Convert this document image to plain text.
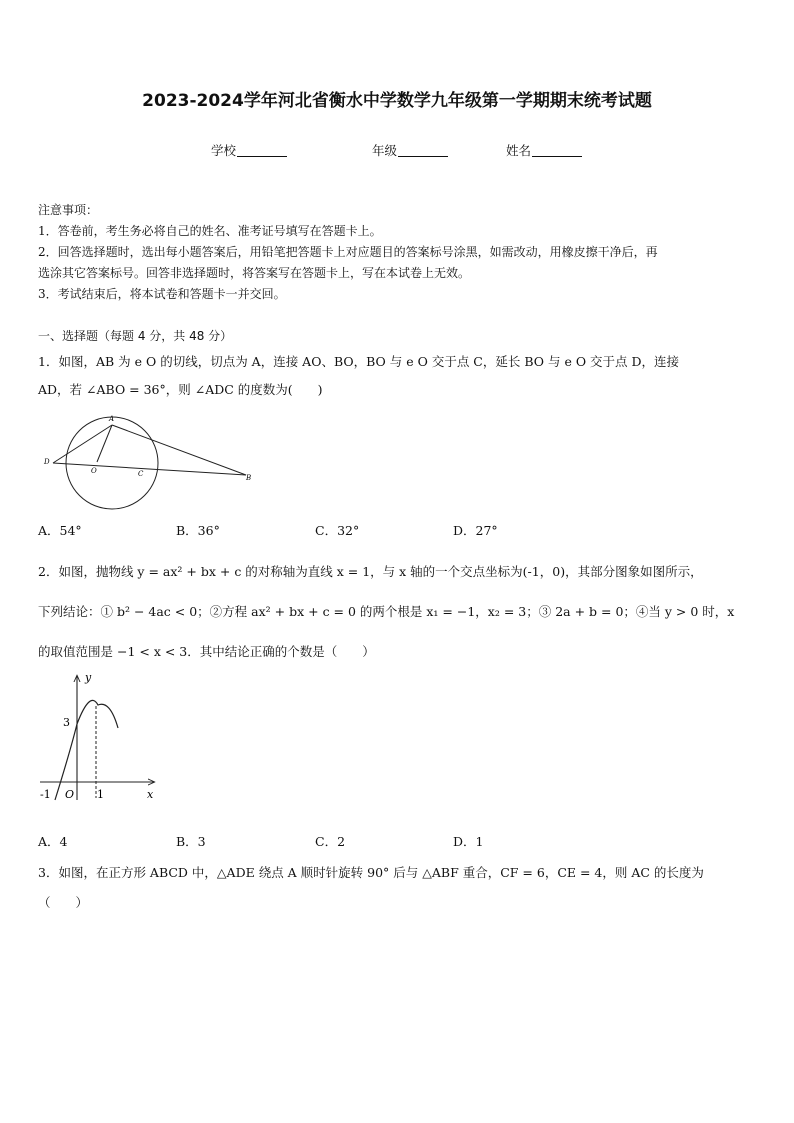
2023-2024学年河北省衡水中学数学九年级第一学期期末统考试题
学校	年级	姓名
注意事项：
1．答卷前，考生务必将自己的姓名、准考证号填写在答题卡上。
2．回答选择题时，选出每小题答案后，用铅笔把答题卡上对应题目的答案标号涂黑，如需改动，用橡皮擦干净后，再
选涂其它答案标号。回答非选择题时，将答案写在答题卡上，写在本试卷上无效。
3．考试结束后，将本试卷和答题卡一并交回。
一、选择题（每题 4 分，共 48 分）
1．如图，AB 为 e O 的切线，切点为 A，连接 AO、BO，BO 与 e O 交于点 C，延长 BO 与 e O 交于点 D，连接
AD，若 ∠ABO = 36°，则 ∠ADC 的度数为(　　)
A
D
O	C	B
A．54°	B．36°	C．32°	D．27°
2．如图，抛物线 y = ax² + bx + c 的对称轴为直线 x = 1，与 x 轴的一个交点坐标为(-1，0)，其部分图象如图所示，
下列结论：① b² − 4ac < 0；②方程 ax² + bx + c = 0 的两个根是 x₁ = −1，x₂ = 3；③ 2a + b = 0；④当 y > 0 时，x
的取值范围是 −1 < x < 3．其中结论正确的个数是（　　）
y
x
3
-1 O 1
A．4	B．3	C．2	D．1
3．如图，在正方形 ABCD 中，△ADE 绕点 A 顺时针旋转 90° 后与 △ABF 重合，CF = 6，CE = 4，则 AC 的长度为
（　　）
